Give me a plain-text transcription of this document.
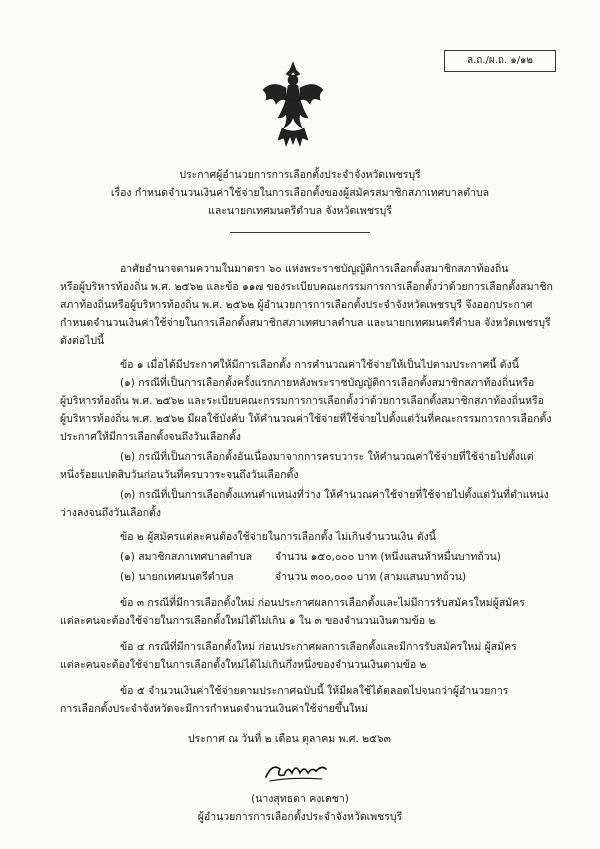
ล.ถ./ผ.ถ. ๑/๑๒
ประกาศผู้อำนวยการการเลือกตั้งประจำจังหวัดเพชรบุรี
เรื่อง กำหนดจำนวนเงินค่าใช้จ่ายในการเลือกตั้งของผู้สมัครสมาชิกสภาเทศบาลตำบล
และนายกเทศมนตรีตำบล จังหวัดเพชรบุรี
อาศัยอำนาจตามความในมาตรา ๖๐ แห่งพระราชบัญญัติการเลือกตั้งสมาชิกสภาท้องถิ่น
หรือผู้บริหารท้องถิ่น พ.ศ. ๒๕๖๒ และข้อ ๑๑๗ ของระเบียบคณะกรรมการการเลือกตั้งว่าด้วยการเลือกตั้งสมาชิก
สภาท้องถิ่นหรือผู้บริหารท้องถิ่น พ.ศ. ๒๕๖๒ ผู้อำนวยการการเลือกตั้งประจำจังหวัดเพชรบุรี จึงออกประกาศ
กำหนดจำนวนเงินค่าใช้จ่ายในการเลือกตั้งสมาชิกสภาเทศบาลตำบล และนายกเทศมนตรีตำบล จังหวัดเพชรบุรี
ดังต่อไปนี้
ข้อ ๑ เมื่อได้มีประกาศให้มีการเลือกตั้ง การคำนวณค่าใช้จ่ายให้เป็นไปตามประกาศนี้ ดังนี้
(๑) กรณีที่เป็นการเลือกตั้งครั้งแรกภายหลังพระราชบัญญัติการเลือกตั้งสมาชิกสภาท้องถิ่นหรือ
ผู้บริหารท้องถิ่น พ.ศ. ๒๕๖๒ และระเบียบคณะกรรมการการเลือกตั้งว่าด้วยการเลือกตั้งสมาชิกสภาท้องถิ่นหรือ
ผู้บริหารท้องถิ่น พ.ศ. ๒๕๖๒ มีผลใช้บังคับ ให้คำนวณค่าใช้จ่ายที่ใช้จ่ายไปตั้งแต่วันที่คณะกรรมการการเลือกตั้ง
ประกาศให้มีการเลือกตั้งจนถึงวันเลือกตั้ง
(๒) กรณีที่เป็นการเลือกตั้งอันเนื่องมาจากการครบวาระ ให้คำนวณค่าใช้จ่ายที่ใช้จ่ายไปตั้งแต่
หนึ่งร้อยแปดสิบวันก่อนวันที่ครบวาระจนถึงวันเลือกตั้ง
(๓) กรณีที่เป็นการเลือกตั้งแทนตำแหน่งที่ว่าง ให้คำนวณค่าใช้จ่ายที่ใช้จ่ายไปตั้งแต่วันที่ตำแหน่ง
ว่างลงจนถึงวันเลือกตั้ง
ข้อ ๒ ผู้สมัครแต่ละคนต้องใช้จ่ายในการเลือกตั้ง ไม่เกินจำนวนเงิน ดังนี้
(๑) สมาชิกสภาเทศบาลตำบล จำนวน ๑๕๐,๐๐๐ บาท (หนึ่งแสนห้าหมื่นบาทถ้วน)
(๒) นายกเทศมนตรีตำบล	จำนวน ๓๐๐,๐๐๐ บาท (สามแสนบาทถ้วน)
ข้อ ๓ กรณีที่มีการเลือกตั้งใหม่ ก่อนประกาศผลการเลือกตั้งและไม่มีการรับสมัครใหม่ผู้สมัคร
แต่ละคนจะต้องใช้จ่ายในการเลือกตั้งใหม่ได้ไม่เกิน ๑ ใน ๓ ของจำนวนเงินตามข้อ ๒
ข้อ ๔ กรณีที่มีการเลือกตั้งใหม่ ก่อนประกาศผลการเลือกตั้งและมีการรับสมัครใหม่ ผู้สมัคร
แต่ละคนจะต้องใช้จ่ายในการเลือกตั้งใหม่ได้ไม่เกินกึ่งหนึ่งของจำนวนเงินตามข้อ ๒
ข้อ ๕ จำนวนเงินค่าใช้จ่ายตามประกาศฉบับนี้ ให้มีผลใช้ได้ตลอดไปจนกว่าผู้อำนวยการ
การเลือกตั้งประจำจังหวัดจะมีการกำหนดจำนวนเงินค่าใช้จ่ายขึ้นใหม่
ประกาศ ณ วันที่ ๒ เดือน ตุลาคม พ.ศ. ๒๕๖๓
(นางสุทธดา คงเดชา)
ผู้อำนวยการการเลือกตั้งประจำจังหวัดเพชรบุรี
